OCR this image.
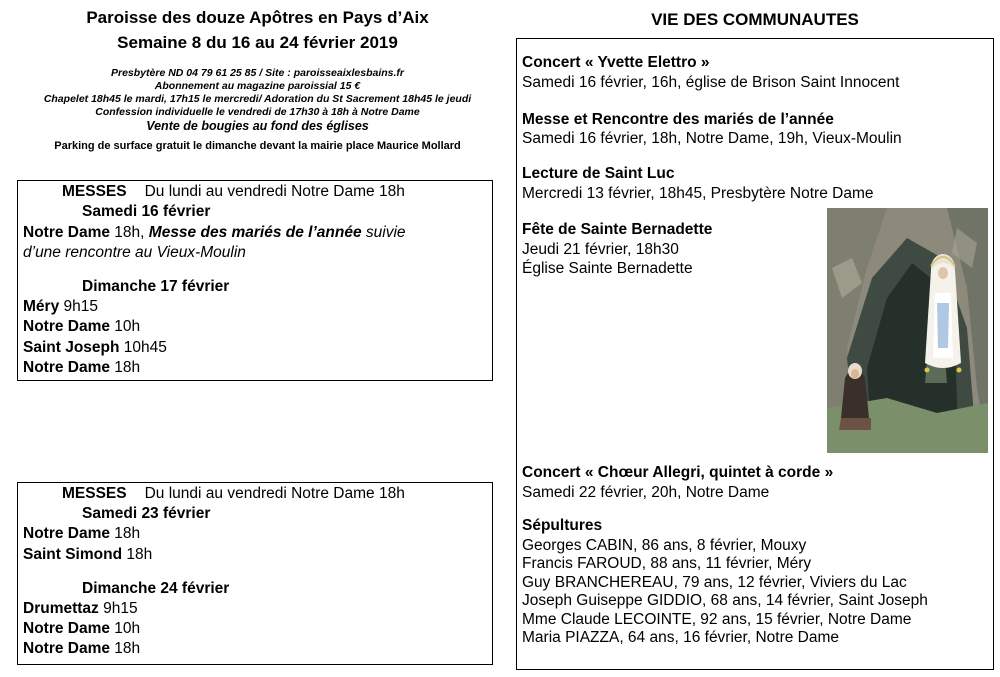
Paroisse des douze Apôtres en Pays d’Aix
Semaine 8 du 16 au 24 février 2019
Presbytère ND 04 79 61 25 85 / Site : paroisseaixlesbains.fr
Abonnement au magazine paroissial 15 €
Chapelet 18h45 le mardi, 17h15 le mercredi/ Adoration du St Sacrement 18h45 le jeudi
Confession individuelle le vendredi de 17h30 à 18h à Notre Dame
Vente de bougies au fond des églises
Parking de surface gratuit le dimanche devant la mairie place Maurice Mollard
MESSES Du lundi au vendredi Notre Dame 18h
Samedi 16 février
Notre Dame 18h, Messe des mariés de l’année suivie
d’une rencontre au Vieux-Moulin
Dimanche 17 février
Méry 9h15
Notre Dame 10h
Saint Joseph 10h45
Notre Dame 18h
MESSES Du lundi au vendredi Notre Dame 18h
Samedi 23 février
Notre Dame 18h
Saint Simond 18h
Dimanche 24 février
Drumettaz 9h15
Notre Dame 10h
Notre Dame 18h
VIE DES COMMUNAUTES
Concert « Yvette Elettro »
Samedi 16 février, 16h, église de Brison Saint Innocent
Messe et Rencontre des mariés de l’année
Samedi 16 février, 18h, Notre Dame, 19h, Vieux-Moulin
Lecture de Saint Luc
Mercredi 13 février, 18h45, Presbytère Notre Dame
Fête de Sainte Bernadette
Jeudi 21 février, 18h30
Église Sainte Bernadette
Concert « Chœur Allegri, quintet à corde »
Samedi 22 février, 20h, Notre Dame
Sépultures
Georges CABIN, 86 ans, 8 février, Mouxy
Francis FAROUD, 88 ans, 11 février, Méry
Guy BRANCHEREAU, 79 ans, 12 février, Viviers du Lac
Joseph Guiseppe GIDDIO, 68 ans, 14 février, Saint Joseph
Mme Claude LECOINTE, 92 ans, 15 février, Notre Dame
Maria PIAZZA, 64 ans, 16 février, Notre Dame
